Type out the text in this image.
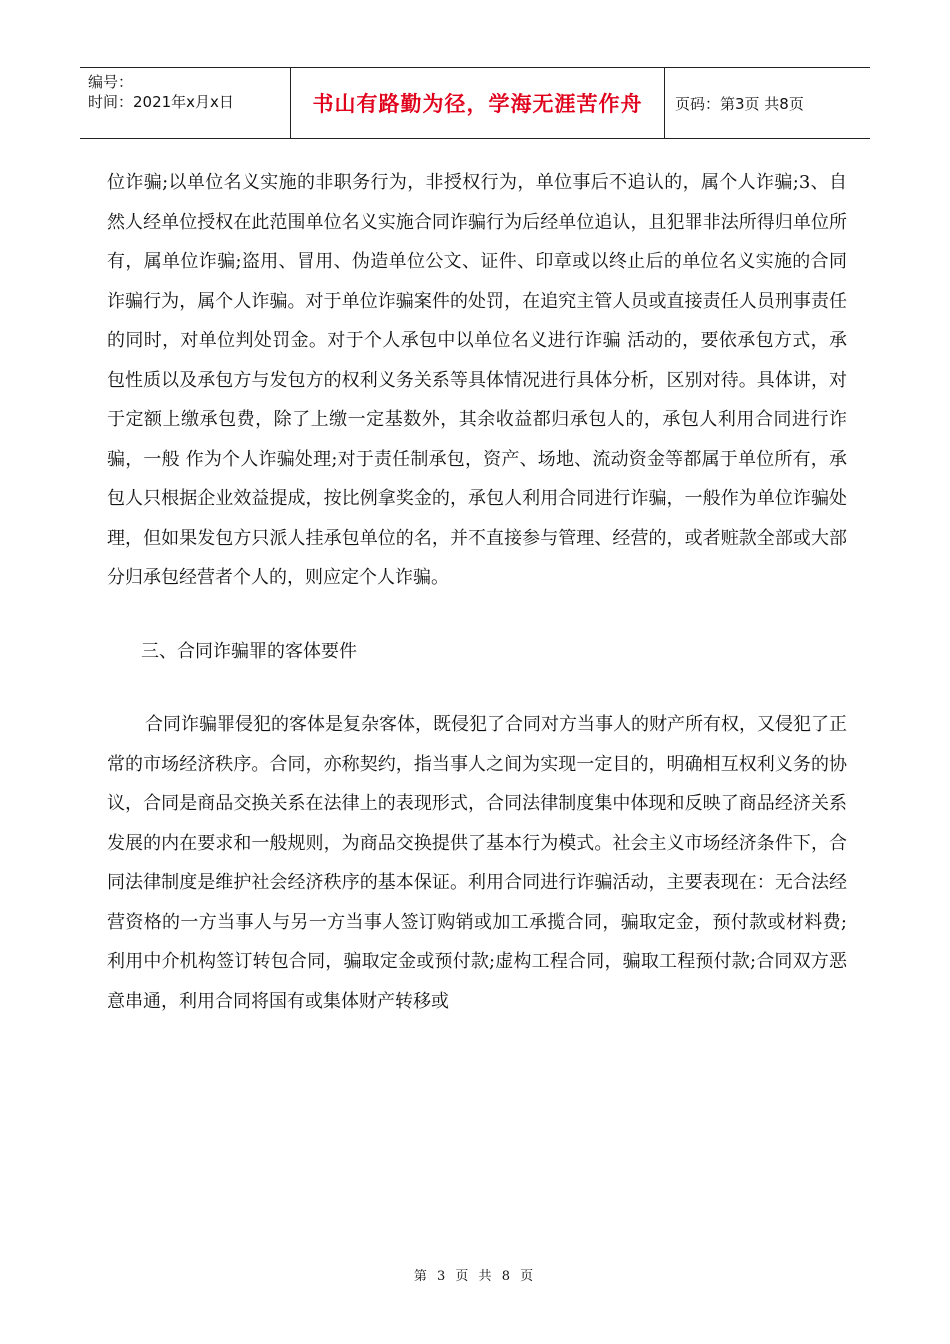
编号：
时间：2021年x月x日	书山有路勤为径，学海无涯苦作舟	页码：第3页 共8页

位诈骗;以单位名义实施的非职务行为，非授权行为，单位事后不追认的，属个人诈骗;3、自然人经单位授权在此范围单位名义实施合同诈骗行为后经单位追认，且犯罪非法所得归单位所有，属单位诈骗;盗用、冒用、伪造单位公文、证件、印章或以终止后的单位名义实施的合同诈骗行为，属个人诈骗。对于单位诈骗案件的处罚，在追究主管人员或直接责任人员刑事责任的同时，对单位判处罚金。对于个人承包中以单位名义进行诈骗 活动的，要依承包方式，承包性质以及承包方与发包方的权利义务关系等具体情况进行具体分析，区别对待。具体讲，对于定额上缴承包费，除了上缴一定基数外，其余收益都归承包人的，承包人利用合同进行诈骗，一般 作为个人诈骗处理;对于责任制承包，资产、场地、流动资金等都属于单位所有，承包人只根据企业效益提成，按比例拿奖金的，承包人利用合同进行诈骗，一般作为单位诈骗处理，但如果发包方只派人挂承包单位的名，并不直接参与管理、经营的，或者赃款全部或大部分归承包经营者个人的，则应定个人诈骗。

三、合同诈骗罪的客体要件

合同诈骗罪侵犯的客体是复杂客体，既侵犯了合同对方当事人的财产所有权，又侵犯了正常的市场经济秩序。合同，亦称契约，指当事人之间为实现一定目的，明确相互权利义务的协议，合同是商品交换关系在法律上的表现形式，合同法律制度集中体现和反映了商品经济关系发展的内在要求和一般规则，为商品交换提供了基本行为模式。社会主义市场经济条件下，合同法律制度是维护社会经济秩序的基本保证。利用合同进行诈骗活动，主要表现在：无合法经营资格的一方当事人与另一方当事人签订购销或加工承揽合同，骗取定金，预付款或材料费;利用中介机构签订转包合同，骗取定金或预付款;虚构工程合同，骗取工程预付款;合同双方恶意串通，利用合同将国有或集体财产转移或

第 3 页 共 8 页
